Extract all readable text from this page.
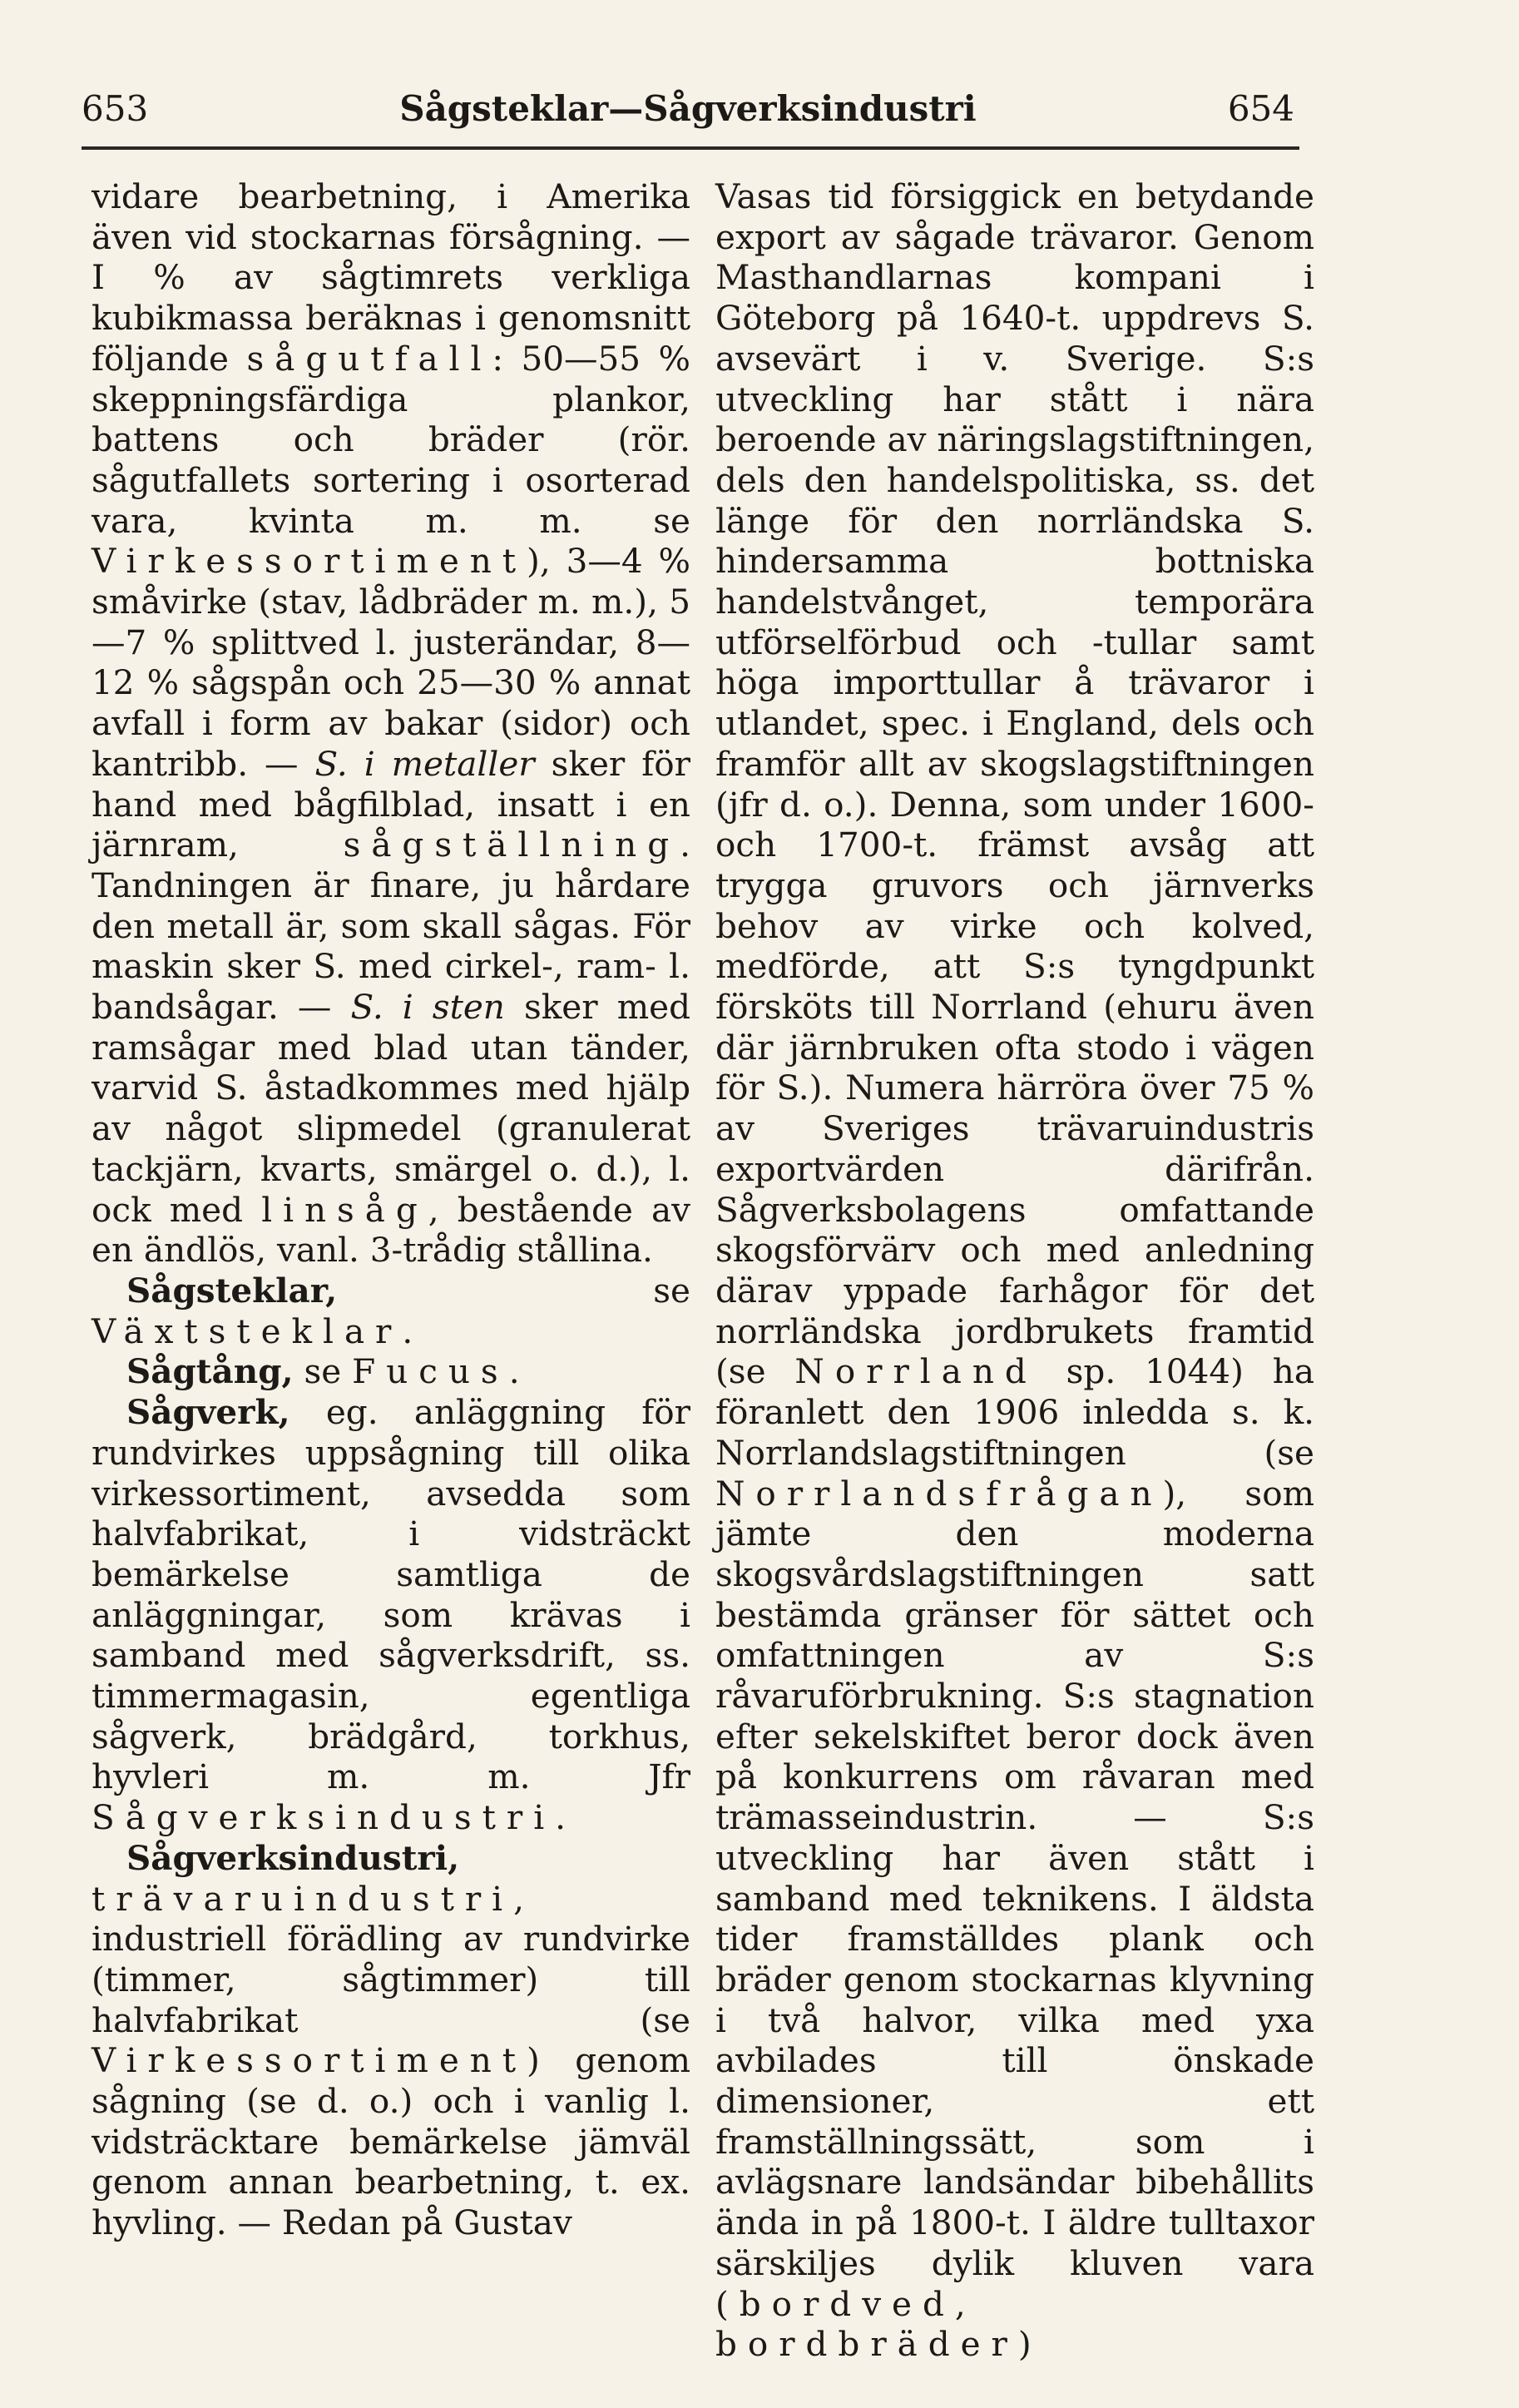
653	Sågsteklar—Sågverksindustri	654

vidare bearbetning, i Amerika även vid stockarnas försågning. — I % av sågtimrets verkliga kubikmassa beräknas i genomsnitt följande sågutfall: 50—55 % skeppningsfärdiga plankor, battens och bräder (rör. sågutfallets sortering i osorterad vara, kvinta m. m. se Virkessortiment), 3—4 % småvirke (stav, lådbräder m. m.), 5—7 % splittved l. justerändar, 8—12 % sågspån och 25—30 % annat avfall i form av bakar (sidor) och kantribb. — S. i metaller sker för hand med bågfilblad, insatt i en järnram,	sågställning. Tandningen är finare, ju hårdare den metall är, som skall sågas. För maskin sker S. med cirkel-, ram- l. bandsågar. — S. i sten sker med ramsågar med blad utan tänder, varvid S. åstadkommes med hjälp av något slipmedel (granulerat tackjärn, kvarts, smärgel o. d.), l. ock med linsåg, bestående av en ändlös, vanl. 3-trådig stållina.

Sågsteklar,	se Växtsteklar.

Sågtång, se Fucus.

Sågverk, eg. anläggning för rundvirkes uppsågning till olika virkessortiment, avsedda som halvfabrikat, i vidsträckt bemärkelse samtliga de anläggningar, som krävas i samband med sågverksdrift, ss. timmermagasin, egentliga sågverk, brädgård, torkhus, hyvleri m. m. Jfr Sågverksindustri.

Sågverksindustri, trävaruindustri, industriell förädling av rundvirke (timmer, sågtimmer) till halvfabrikat (se Virkessortiment) genom sågning (se d. o.) och i vanlig l. vidsträcktare bemärkelse jämväl genom annan bearbetning, t. ex. hyvling. — Redan på Gustav

Vasas tid försiggick en betydande export av sågade trävaror. Genom Masthandlarnas kompani i Göteborg på 1640-t. uppdrevs S. avsevärt i v. Sverige. S:s utveckling har stått i nära beroende av näringslagstiftningen, dels den handelspolitiska, ss. det länge för den norrländska S. hindersamma bottniska handelstvånget, temporära utförselförbud och -tullar samt höga importtullar å trävaror i utlandet, spec. i England, dels och framför allt av skogslagstiftningen (jfr d. o.). Denna, som under 1600- och 1700-t. främst avsåg att trygga gruvors och järnverks behov av virke och kolved, medförde, att S:s tyngdpunkt försköts till Norrland (ehuru även där järnbruken ofta stodo i vägen för S.). Numera härröra över 75 % av Sveriges trävaruindustris exportvärden därifrån. Sågverksbolagens omfattande skogsförvärv och med anledning därav yppade farhågor för det norrländska jordbrukets framtid (se Norrland sp. 1044) ha föranlett den 1906 inledda s. k. Norrlandslagstiftningen (se Norrlandsfrågan), som jämte den moderna skogsvårdslagstiftningen satt bestämda gränser för sättet och omfattningen av S:s råvaruförbrukning. S:s stagnation efter sekelskiftet beror dock även på konkurrens om råvaran med trämasseindustrin. — S:s utveckling har även stått i samband med teknikens. I äldsta tider framställdes plank och bräder genom stockarnas klyvning i två halvor, vilka med yxa avbilades till önskade dimensioner, ett framställningssätt, som i avlägsnare landsändar bibehållits ända in på 1800-t. I äldre tulltaxor särskiljes dylik kluven vara (bordved, bordbräder)
